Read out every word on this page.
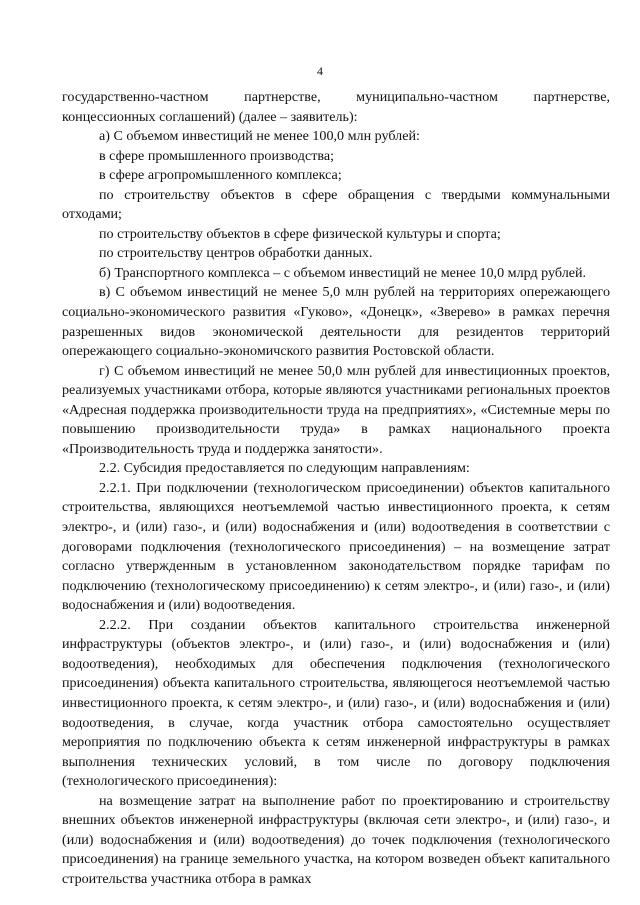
4

государственно-частном партнерстве, муниципально-частном партнерстве, концессионных соглашений) (далее – заявитель):

а) С объемом инвестиций не менее 100,0 млн рублей:

в сфере промышленного производства;

в сфере агропромышленного комплекса;

по строительству объектов в сфере обращения с твердыми коммунальными отходами;

по строительству объектов в сфере физической культуры и спорта;

по строительству центров обработки данных.

б) Транспортного комплекса – с объемом инвестиций не менее 10,0 млрд рублей.

в) С объемом инвестиций не менее 5,0 млн рублей на территориях опережающего социально-экономического развития «Гуково», «Донецк», «Зверево» в рамках перечня разрешенных видов экономической деятельности для резидентов территорий опережающего социально-экономичского развития Ростовской области.

г) С объемом инвестиций не менее 50,0 млн рублей для инвестиционных проектов, реализуемых участниками отбора, которые являются участниками региональных проектов «Адресная поддержка производительности труда на предприятиях», «Системные меры по повышению производительности труда» в рамках национального проекта «Производительность труда и поддержка занятости».

2.2. Субсидия предоставляется по следующим направлениям:

2.2.1. При подключении (технологическом присоединении) объектов капитального строительства, являющихся неотъемлемой частью инвестиционного проекта, к сетям электро-, и (или) газо-, и (или) водоснабжения и (или) водоотведения в соответствии с договорами подключения (технологического присоединения) – на возмещение затрат согласно утвержденным в установленном законодательством порядке тарифам по подключению (технологическому присоединению) к сетям электро-, и (или) газо-, и (или) водоснабжения и (или) водоотведения.

2.2.2. При создании объектов капитального строительства инженерной инфраструктуры (объектов электро-, и (или) газо-, и (или) водоснабжения и (или) водоотведения), необходимых для обеспечения подключения (технологического присоединения) объекта капитального строительства, являющегося неотъемлемой частью инвестиционного проекта, к сетям электро-, и (или) газо-, и (или) водоснабжения и (или) водоотведения, в случае, когда участник отбора самостоятельно осуществляет мероприятия по подключению объекта к сетям инженерной инфраструктуры в рамках выполнения технических условий, в том числе по договору подключения (технологического присоединения):

на возмещение затрат на выполнение работ по проектированию и строительству внешних объектов инженерной инфраструктуры (включая сети электро-, и (или) газо-, и (или) водоснабжения и (или) водоотведения) до точек подключения (технологического присоединения) на границе земельного участка, на котором возведен объект капитального строительства участника отбора в рамках
